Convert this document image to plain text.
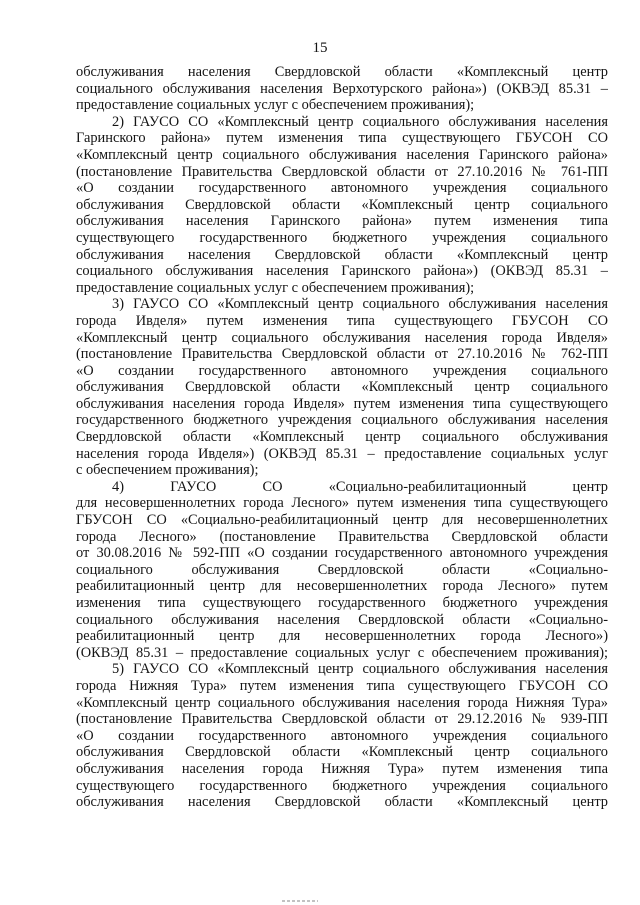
15
обслуживания населения Свердловской области «Комплексный центр
социального обслуживания населения Верхотурского района») (ОКВЭД 85.31 –
предоставление социальных услуг с обеспечением проживания);
2) ГАУСО СО «Комплексный центр социального обслуживания населения
Гаринского района» путем изменения типа существующего ГБУСОН СО
«Комплексный центр социального обслуживания населения Гаринского района»
(постановление Правительства Свердловской области от 27.10.2016 № 761-ПП
«О создании государственного автономного учреждения социального
обслуживания Свердловской области «Комплексный центр социального
обслуживания населения Гаринского района» путем изменения типа
существующего государственного бюджетного учреждения социального
обслуживания населения Свердловской области «Комплексный центр
социального обслуживания населения Гаринского района») (ОКВЭД 85.31 –
предоставление социальных услуг с обеспечением проживания);
3) ГАУСО СО «Комплексный центр социального обслуживания населения
города Ивделя» путем изменения типа существующего ГБУСОН СО
«Комплексный центр социального обслуживания населения города Ивделя»
(постановление Правительства Свердловской области от 27.10.2016 № 762-ПП
«О создании государственного автономного учреждения социального
обслуживания Свердловской области «Комплексный центр социального
обслуживания населения города Ивделя» путем изменения типа существующего
государственного бюджетного учреждения социального обслуживания населения
Свердловской области «Комплексный центр социального обслуживания
населения города Ивделя») (ОКВЭД 85.31 – предоставление социальных услуг
с обеспечением проживания);
4) ГАУСО СО «Социально-реабилитационный центр
для несовершеннолетних города Лесного» путем изменения типа существующего
ГБУСОН СО «Социально-реабилитационный центр для несовершеннолетних
города Лесного» (постановление Правительства Свердловской области
от 30.08.2016 № 592-ПП «О создании государственного автономного учреждения
социального обслуживания Свердловской области «Социально-
реабилитационный центр для несовершеннолетних города Лесного» путем
изменения типа существующего государственного бюджетного учреждения
социального обслуживания населения Свердловской области «Социально-
реабилитационный центр для несовершеннолетних города Лесного»)
(ОКВЭД 85.31 – предоставление социальных услуг с обеспечением проживания);
5) ГАУСО СО «Комплексный центр социального обслуживания населения
города Нижняя Тура» путем изменения типа существующего ГБУСОН СО
«Комплексный центр социального обслуживания населения города Нижняя Тура»
(постановление Правительства Свердловской области от 29.12.2016 № 939-ПП
«О создании государственного автономного учреждения социального
обслуживания Свердловской области «Комплексный центр социального
обслуживания населения города Нижняя Тура» путем изменения типа
существующего государственного бюджетного учреждения социального
обслуживания населения Свердловской области «Комплексный центр
